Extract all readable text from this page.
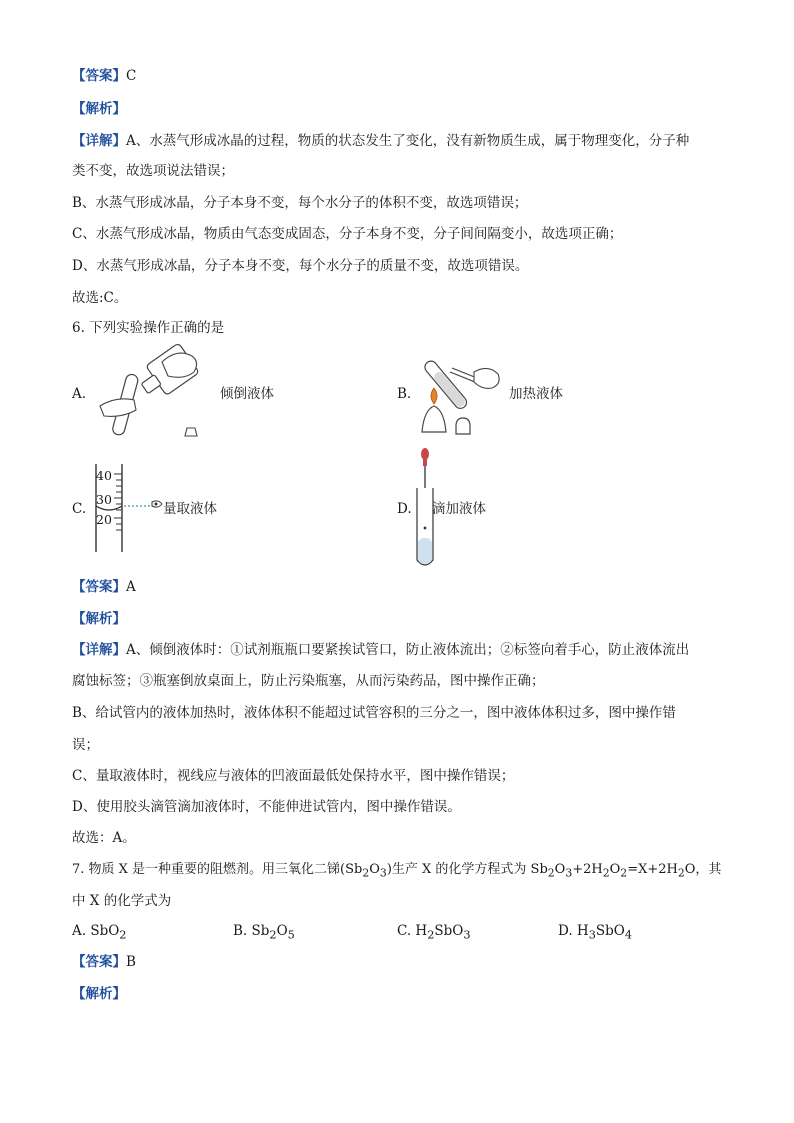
【答案】C
【解析】
【详解】A、水蒸气形成冰晶的过程，物质的状态发生了变化，没有新物质生成，属于物理变化，分子种
类不变，故选项说法错误；
B、水蒸气形成冰晶，分子本身不变，每个水分子的体积不变，故选项错误；
C、水蒸气形成冰晶，物质由气态变成固态，分子本身不变，分子间间隔变小，故选项正确；
D、水蒸气形成冰晶，分子本身不变，每个水分子的质量不变，故选项错误。
故选:C。
6. 下列实验操作正确的是
A.	倾倒液体	B.	加热液体
C.
40
30
20
量取液体	D. 滴加液体
【答案】A
【解析】
【详解】A、倾倒液体时：①试剂瓶瓶口要紧挨试管口，防止液体流出；②标签向着手心，防止液体流出
腐蚀标签；③瓶塞倒放桌面上，防止污染瓶塞，从而污染药品，图中操作正确；
B、给试管内的液体加热时，液体体积不能超过试管容积的三分之一，图中液体体积过多，图中操作错
误；
C、量取液体时，视线应与液体的凹液面最低处保持水平，图中操作错误；
D、使用胶头滴管滴加液体时，不能伸进试管内，图中操作错误。
故选：A。
7. 物质 X 是一种重要的阻燃剂。用三氧化二锑$(Sb_2O_3)$生产 X 的化学方程式为 $Sb_2O_3+2H_2O_2=X+2H_2O$，其
中 X 的化学式为
A. SbO$_2$	B. $Sb_2O_5$	C. $H_2SbO_3$	D. $H_3SbO_4$
【答案】B
【解析】
